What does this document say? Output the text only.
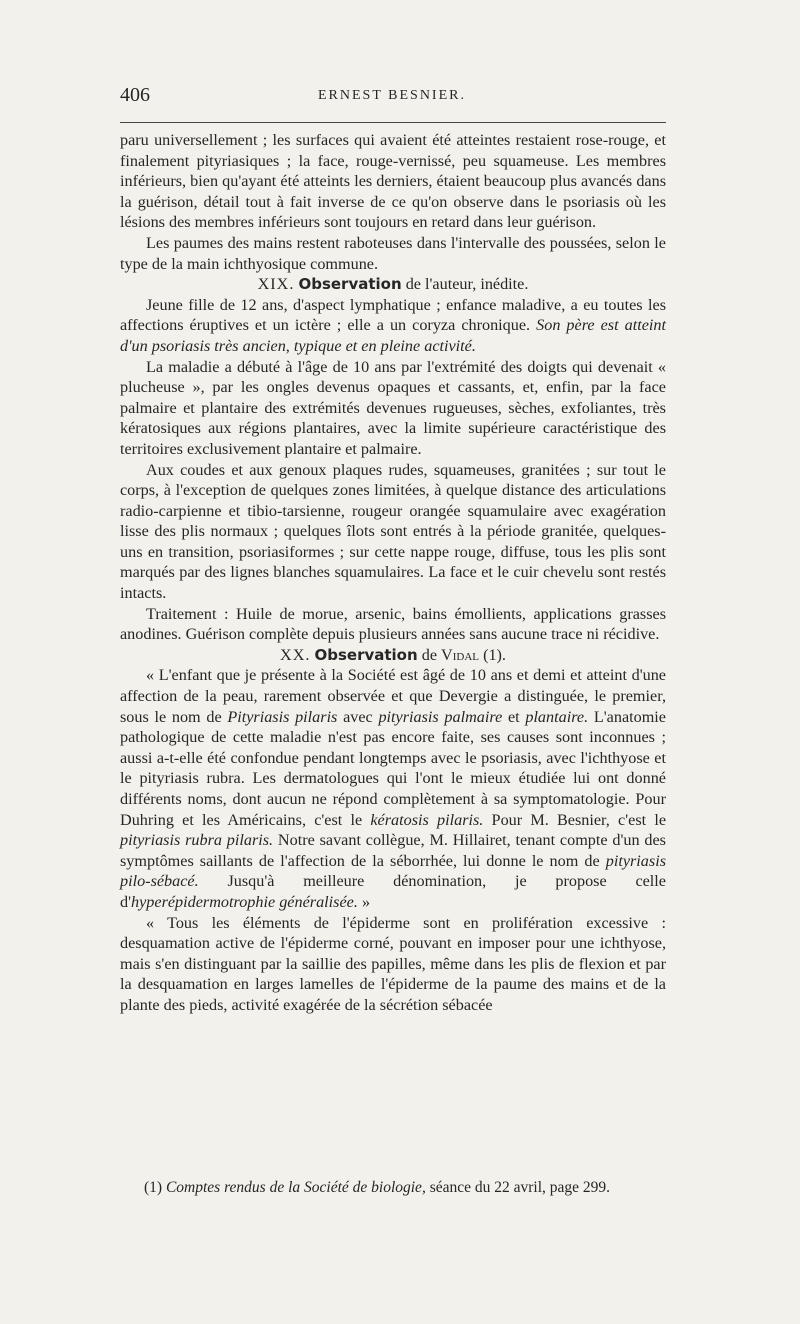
406	ERNEST BESNIER.

paru universellement ; les surfaces qui avaient été atteintes restaient rose-rouge, et finalement pityriasiques ; la face, rouge-vernissé, peu squameuse. Les membres inférieurs, bien qu'ayant été atteints les derniers, étaient beaucoup plus avancés dans la guérison, détail tout à fait inverse de ce qu'on observe dans le psoriasis où les lésions des membres inférieurs sont toujours en retard dans leur guérison.

Les paumes des mains restent raboteuses dans l'intervalle des poussées, selon le type de la main ichthyosique commune.

XIX. Observation de l'auteur, inédite.

Jeune fille de 12 ans, d'aspect lymphatique ; enfance maladive, a eu toutes les affections éruptives et un ictère ; elle a un coryza chronique. Son père est atteint d'un psoriasis très ancien, typique et en pleine activité.

La maladie a débuté à l'âge de 10 ans par l'extrémité des doigts qui devenait « plucheuse », par les ongles devenus opaques et cassants, et, enfin, par la face palmaire et plantaire des extrémités devenues rugueuses, sèches, exfoliantes, très kératosiques aux régions plantaires, avec la limite supérieure caractéristique des territoires exclusivement plantaire et palmaire.

Aux coudes et aux genoux plaques rudes, squameuses, granitées ; sur tout le corps, à l'exception de quelques zones limitées, à quelque distance des articulations radio-carpienne et tibio-tarsienne, rougeur orangée squamulaire avec exagération lisse des plis normaux ; quelques îlots sont entrés à la période granitée, quelques-uns en transition, psoriasiformes ; sur cette nappe rouge, diffuse, tous les plis sont marqués par des lignes blanches squamulaires. La face et le cuir chevelu sont restés intacts.

Traitement : Huile de morue, arsenic, bains émollients, applications grasses anodines. Guérison complète depuis plusieurs années sans aucune trace ni récidive.

XX. Observation de Vidal (1).

« L'enfant que je présente à la Société est âgé de 10 ans et demi et atteint d'une affection de la peau, rarement observée et que Devergie a distinguée, le premier, sous le nom de Pityriasis pilaris avec pityriasis palmaire et plantaire. L'anatomie pathologique de cette maladie n'est pas encore faite, ses causes sont inconnues ; aussi a-t-elle été confondue pendant longtemps avec le psoriasis, avec l'ichthyose et le pityriasis rubra. Les dermatologues qui l'ont le mieux étudiée lui ont donné différents noms, dont aucun ne répond complètement à sa symptomatologie. Pour Duhring et les Américains, c'est le kératosis pilaris. Pour M. Besnier, c'est le pityriasis rubra pilaris. Notre savant collègue, M. Hillairet, tenant compte d'un des symptômes saillants de l'affection de la séborrhée, lui donne le nom de pityriasis pilo-sébacé. Jusqu'à meilleure dénomination, je propose celle d'hyperépidermotrophie généralisée. »

« Tous les éléments de l'épiderme sont en prolifération excessive : desquamation active de l'épiderme corné, pouvant en imposer pour une ichthyose, mais s'en distinguant par la saillie des papilles, même dans les plis de flexion et par la desquamation en larges lamelles de l'épiderme de la paume des mains et de la plante des pieds, activité exagérée de la sécrétion sébacée

(1) Comptes rendus de la Société de biologie, séance du 22 avril, page 299.
